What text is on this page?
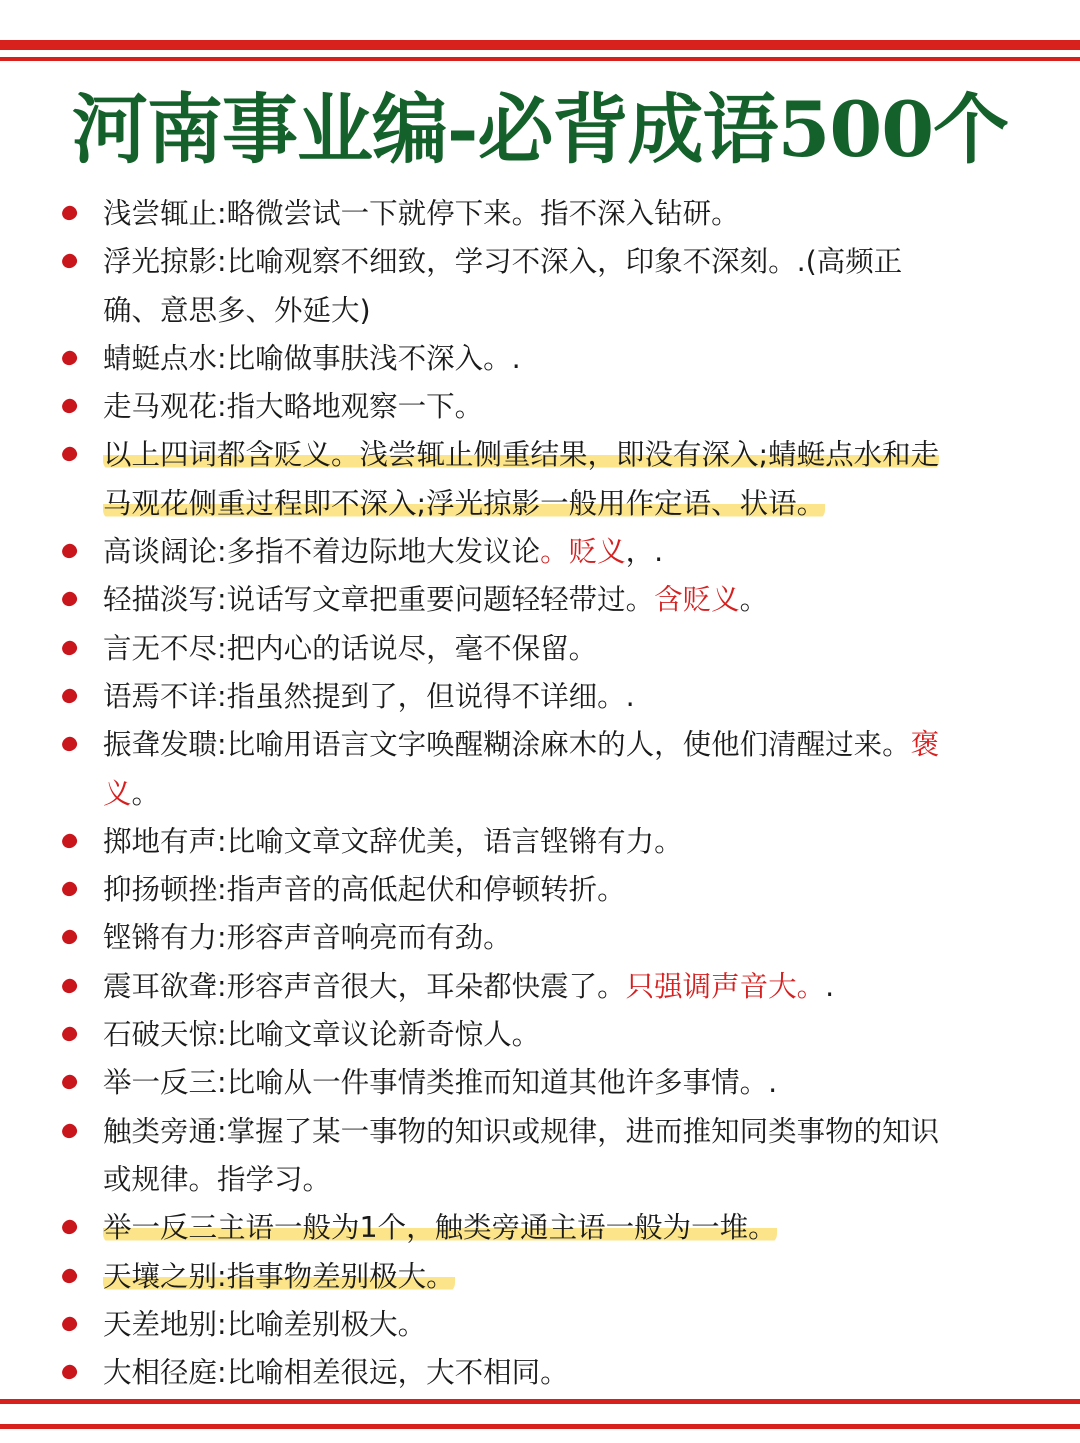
河南事业编-必背成语500个
浅尝辄止:略微尝试一下就停下来。指不深入钻研。
浮光掠影:比喻观察不细致，学习不深入，印象不深刻。.(高频正
确、意思多、外延大)
蜻蜓点水:比喻做事肤浅不深入。.
走马观花:指大略地观察一下。
以上四词都含贬义。浅尝辄止侧重结果，即没有深入;蜻蜓点水和走
马观花侧重过程即不深入;浮光掠影一般用作定语、状语。
高谈阔论:多指不着边际地大发议论。贬义，.
轻描淡写:说话写文章把重要问题轻轻带过。含贬义。
言无不尽:把内心的话说尽，毫不保留。
语焉不详:指虽然提到了，但说得不详细。.
振聋发聩:比喻用语言文字唤醒糊涂麻木的人，使他们清醒过来。褒
义。
掷地有声:比喻文章文辞优美，语言铿锵有力。
抑扬顿挫:指声音的高低起伏和停顿转折。
铿锵有力:形容声音响亮而有劲。
震耳欲聋:形容声音很大，耳朵都快震了。只强调声音大。.
石破天惊:比喻文章议论新奇惊人。
举一反三:比喻从一件事情类推而知道其他许多事情。.
触类旁通:掌握了某一事物的知识或规律，进而推知同类事物的知识
或规律。指学习。
举一反三主语一般为1个，触类旁通主语一般为一堆。
天壤之别:指事物差别极大。
天差地别:比喻差别极大。
大相径庭:比喻相差很远，大不相同。
